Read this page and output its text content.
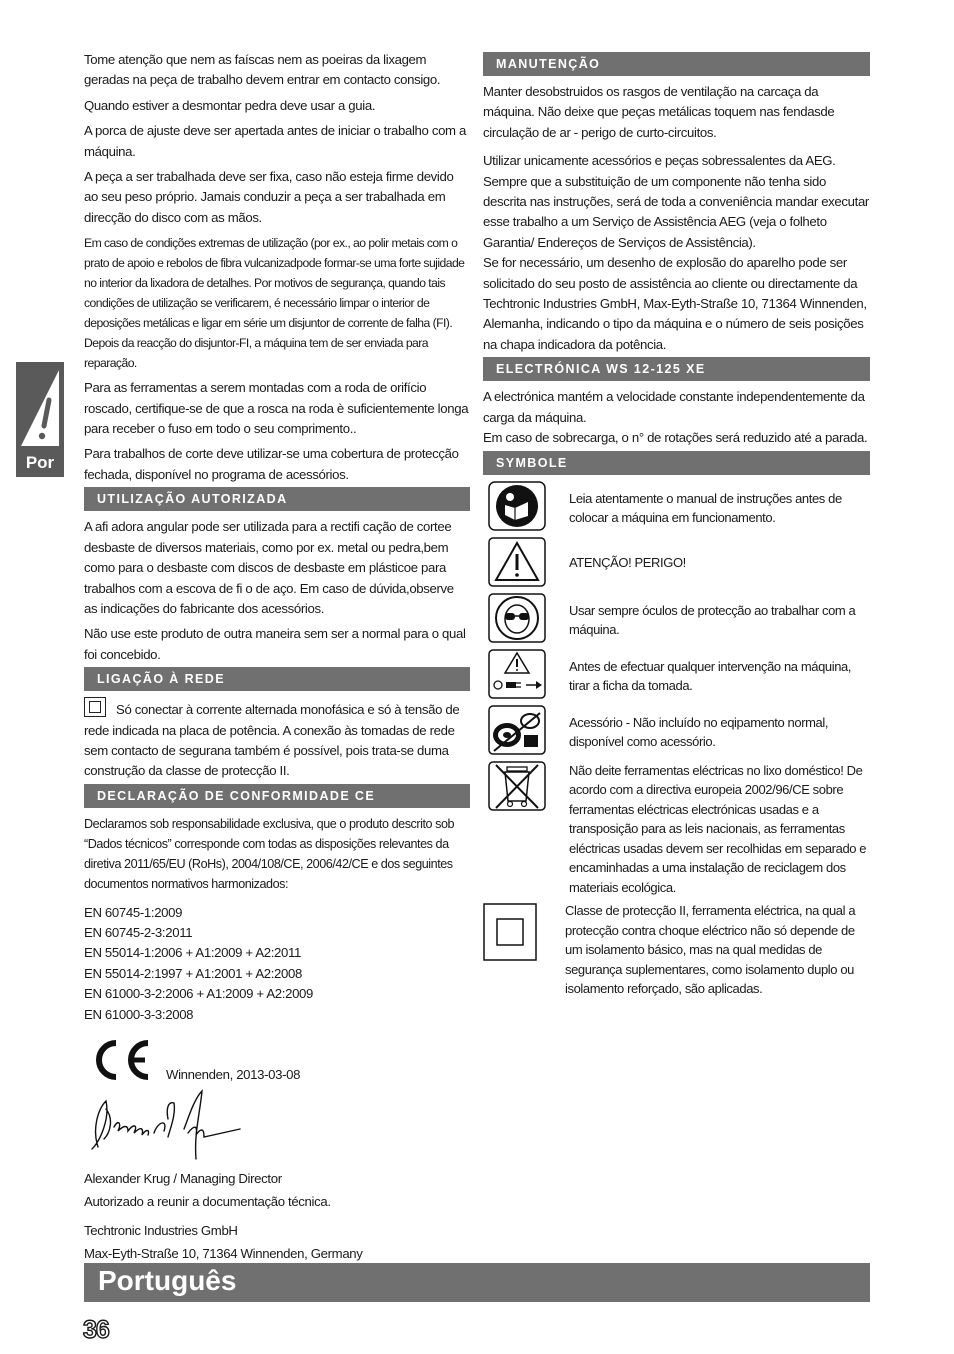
Por

Tome atenção que nem as faíscas nem as poeiras da lixagem geradas na peça de trabalho devem entrar em contacto consigo.

Quando estiver a desmontar pedra deve usar a guia.

A porca de ajuste deve ser apertada antes de iniciar o trabalho com a máquina.

A peça a ser trabalhada deve ser fixa, caso não esteja firme devido ao seu peso próprio. Jamais conduzir a peça a ser trabalhada em direcção do disco com as mãos.

Em caso de condições extremas de utilização (por ex., ao polir metais com o prato de apoio e rebolos de fibra vulcanizadpode formar-se uma forte sujidade no interior da lixadora de detalhes. Por motivos de segurança, quando tais condições de utilização se verificarem, é necessário limpar o interior de deposições metálicas e ligar em série um disjuntor de corrente de falha (FI). Depois da reacção do disjuntor-FI, a máquina tem de ser enviada para reparação.

Para as ferramentas a serem montadas com a roda de orifício roscado, certifique-se de que a rosca na roda è suficientemente longa para receber o fuso em todo o seu comprimento..

Para trabalhos de corte deve utilizar-se uma cobertura de protecção fechada, disponível no programa de acessórios.

UTILIZAÇÃO AUTORIZADA

A afi adora angular pode ser utilizada para a rectifi cação de cortee desbaste de diversos materiais, como por ex. metal ou pedra,bem como para o desbaste com discos de desbaste em plásticoe para trabalhos com a escova de fi o de aço. Em caso de dúvida,observe as indicações do fabricante dos acessórios.

Não use este produto de outra maneira sem ser a normal para o qual foi concebido.

LIGAÇÃO À REDE

Só conectar à corrente alternada monofásica e só à tensão de rede indicada na placa de potência. A conexão às tomadas de rede sem contacto de segurana também é possível, pois trata-se duma construção da classe de protecção II.

DECLARAÇÃO DE CONFORMIDADE CE

Declaramos sob responsabilidade exclusiva, que o produto descrito sob “Dados técnicos” corresponde com todas as disposições relevantes da diretiva 2011/65/EU (RoHs), 2004/108/CE, 2006/42/CE e dos seguintes documentos normativos harmonizados:

EN 60745-1:2009
EN 60745-2-3:2011
EN 55014-1:2006 + A1:2009 + A2:2011
EN 55014-2:1997 + A1:2001 + A2:2008
EN 61000-3-2:2006 + A1:2009 + A2:2009
EN 61000-3-3:2008
Winnenden, 2013-03-08
Alexander Krug / Managing Director
Autorizado a reunir a documentação técnica.
Techtronic Industries GmbH
Max-Eyth-Straße 10, 71364 Winnenden, Germany
MANUTENÇÃO

Manter desobstruidos os rasgos de ventilação na carcaça da máquina. Não deixe que peças metálicas toquem nas fendasde circulação de ar - perigo de curto-circuitos.

Utilizar unicamente acessórios e peças sobressalentes da AEG. Sempre que a substituição de um componente não tenha sido descrita nas instruções, será de toda a conveniência mandar executar esse trabalho a um Serviço de Assistência AEG (veja o folheto Garantia/ Endereços de Serviços de Assistência).

Se for necessário, um desenho de explosão do aparelho pode ser solicitado do seu posto de assistência ao cliente ou directamente da Techtronic Industries GmbH, Max-Eyth-Straße 10, 71364 Winnenden, Alemanha, indicando o tipo da máquina e o número de seis posições na chapa indicadora da potência.

ELECTRÓNICA WS 12-125 XE

A electrónica mantém a velocidade constante independentemente da carga da máquina.

Em caso de sobrecarga, o n° de rotações será reduzido até a parada.

SYMBOLE
Leia atentamente o manual de instruções antes de colocar a máquina em funcionamento.
ATENÇÃO! PERIGO!
Usar sempre óculos de protecção ao trabalhar com a máquina.
Antes de efectuar qualquer intervenção na máquina, tirar a ficha da tomada.
Acessório - Não incluído no eqipamento normal, disponível como acessório.
Não deite ferramentas eléctricas no lixo doméstico! De acordo com a directiva europeia 2002/96/CE sobre ferramentas eléctricas electrónicas usadas e a transposição para as leis nacionais, as ferramentas eléctricas usadas devem ser recolhidas em separado e encaminhadas a uma instalação de reciclagem dos materiais ecológica.
Classe de protecção II, ferramenta eléctrica, na qual a protecção contra choque eléctrico não só depende de um isolamento básico, mas na qual medidas de segurança suplementares, como isolamento duplo ou isolamento reforçado, são aplicadas.
Português
36
